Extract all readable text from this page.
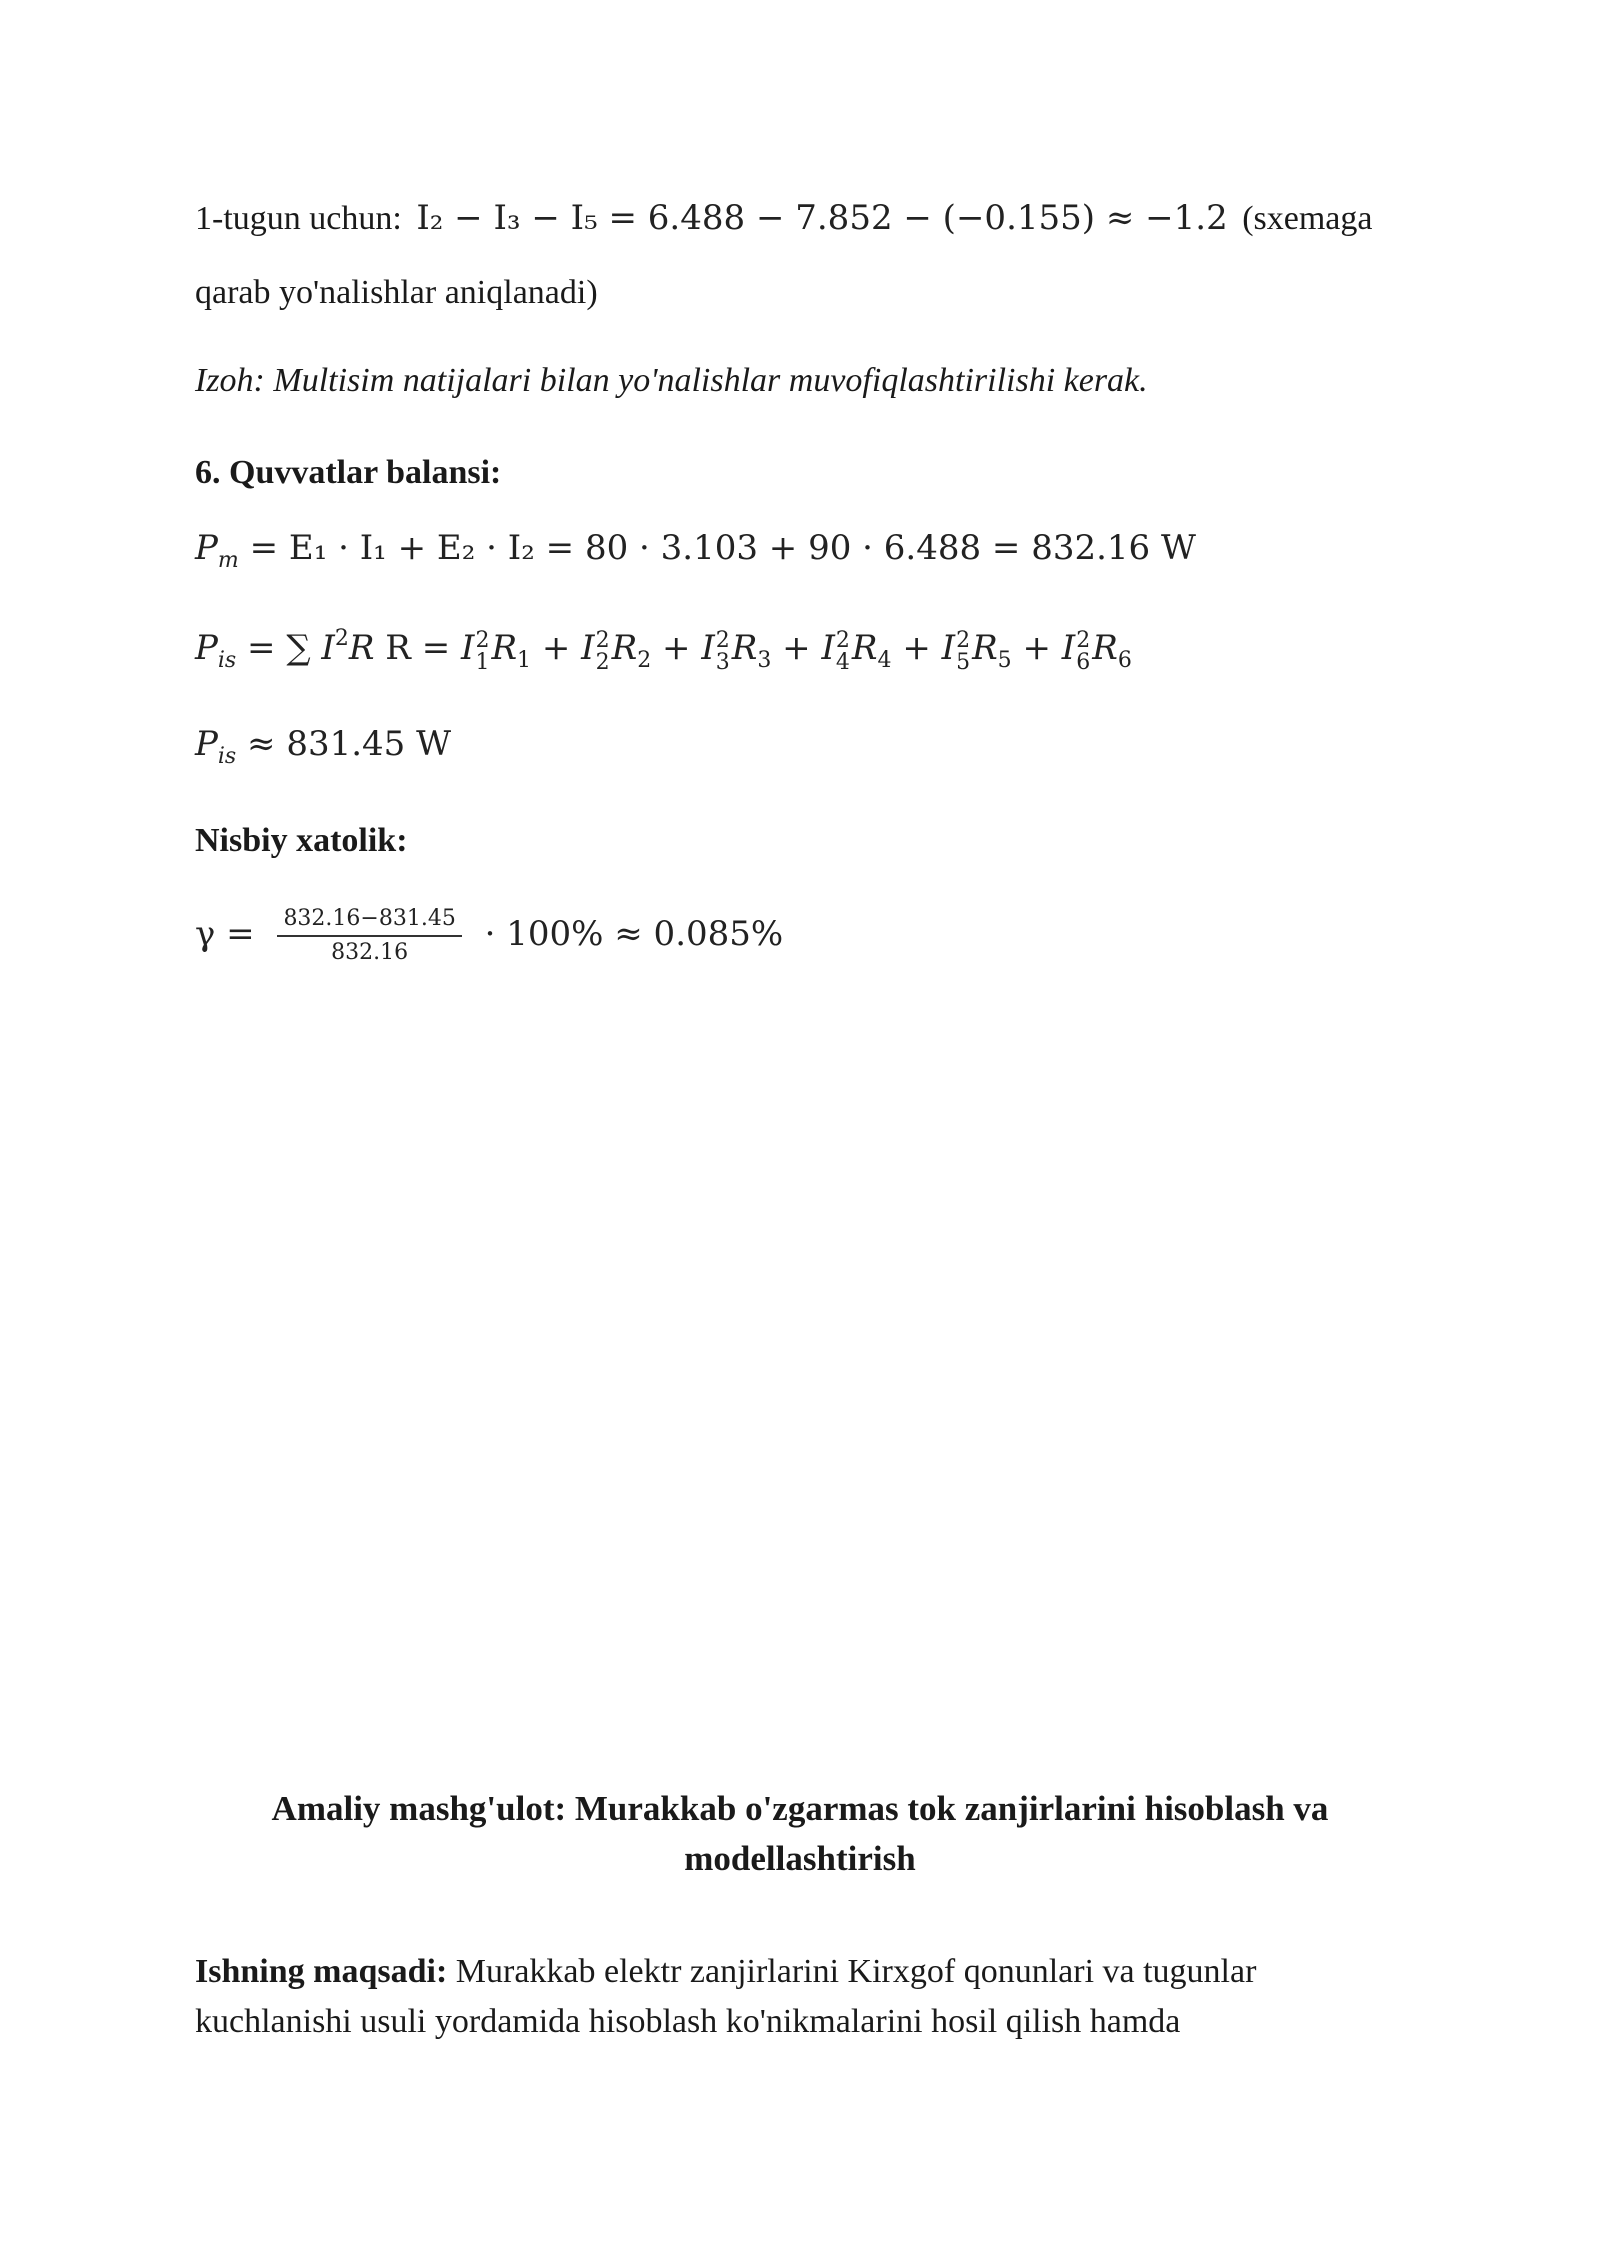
1-tugun uchun: I₂ − I₃ − I₅ = 6.488 − 7.852 − (−0.155) ≈ −1.2 (sxemaga
qarab yo'nalishlar aniqlanadi)
Izoh: Multisim natijalari bilan yo'nalishlar muvofiqlashtirilishi kerak.
6. Quvvatlar balansi:
$P_m = E_1 \cdot I_1 + E_2 \cdot I_2 = 80 \cdot 3.103 + 90 \cdot 6.488 = 832.16$ W
$P_{is}$ = ∑ $I^2R$ R = I 2
1 $R_1 + I$ 2
2 $R_2 + I$ 2
3 $R_3 + I$ 2
4 $R_4 + I$ 2
5 $R_5 + I$ 2
6 $R_6$
$P_{is} \approx 831.45$ W
Nisbiy xatolik:
$\gamma = \frac{832.16-831.45}{832.16} \cdot 100\% \approx 0.085\%$
Amaliy mashg'ulot: Murakkab o'zgarmas tok zanjirlarini hisoblash va
modellashtirish
Ishning maqsadi: Murakkab elektr zanjirlarini Kirxgof qonunlari va tugunlar
kuchlanishi usuli yordamida hisoblash ko'nikmalarini hosil qilish hamda
